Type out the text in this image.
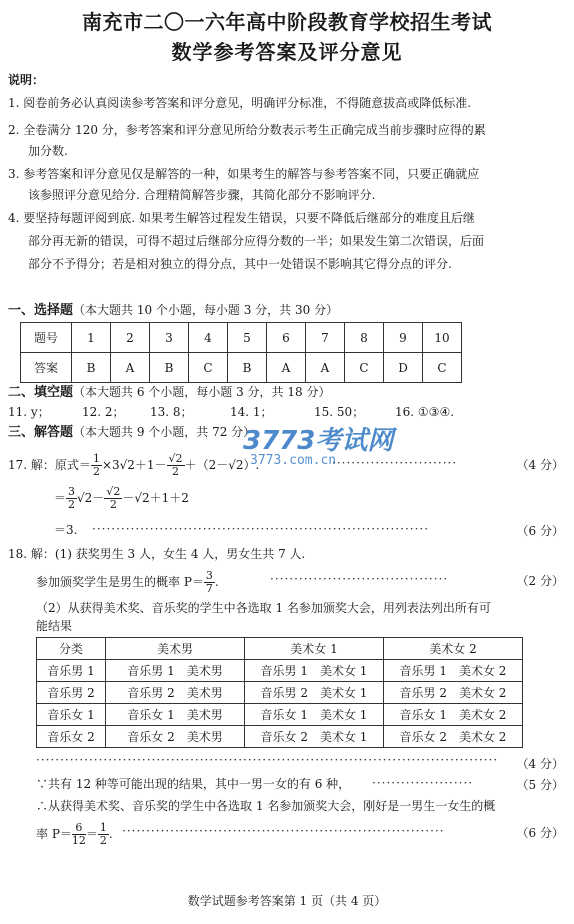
南充市二〇一六年高中阶段教育学校招生考试
数学参考答案及评分意见
说明：
1. 阅卷前务必认真阅读参考答案和评分意见，明确评分标准，不得随意拔高或降低标准.
2. 全卷满分 120 分，参考答案和评分意见所给分数表示考生正确完成当前步骤时应得的累
加分数.
3. 参考答案和评分意见仅是解答的一种，如果考生的解答与参考答案不同，只要正确就应
该参照评分意见给分. 合理精简解答步骤，其简化部分不影响评分.
4. 要坚持每题评阅到底. 如果考生解答过程发生错误，只要不降低后继部分的难度且后继
部分再无新的错误，可得不超过后继部分应得分数的一半；如果发生第二次错误，后面
部分不予得分；若是相对独立的得分点，其中一处错误不影响其它得分点的评分.
一、选择题（本大题共 10 个小题，每小题 3 分，共 30 分）
题号	1	2	3	4	5	6	7	8	9	10
答案	B	A	B	C	B	A	A	C	D	C
二、填空题（本大题共 6 个小题，每小题 3 分，共 18 分）
11. y；	12. 2； 13. 8；	14. 1；	15. 50；	16. ①③④.
三、解答题（本大题共 9 个小题，共 72 分）
3773考试网
3773.com.cn
17. 解：原式＝ $\frac{1}{2} \times 3√2+1- \frac{√2}{2} +(2-√2)$.	··························	（4 分）
＝ $\frac{3}{2} √2- \frac{√2}{2} -√2+1+2$
＝3. ······································································	（6 分）
18. 解：(1) 获奖男生 3 人，女生 4 人，男女生共 7 人.
参加颁奖学生是男生的概率 $P= \frac{3}{7}$ .	·····································	（2 分）
（2）从获得美术奖、音乐奖的学生中各选取 1 名参加颁奖大会，用列表法列出所有可
能结果
分类	美术男	美术女 1	美术女 2
音乐男 1	音乐男 1　美术男	音乐男 1　美术女 1	音乐男 1　美术女 2
音乐男 2	音乐男 2　美术男	音乐男 2　美术女 1	音乐男 2　美术女 2
音乐女 1	音乐女 1　美术男	音乐女 1　美术女 1	音乐女 1　美术女 2
音乐女 2	音乐女 2　美术男	音乐女 2　美术女 1	音乐女 2　美术女 2
································································································ （4 分）
∵共有 12 种等可能出现的结果，其中一男一女的有 6 种， ·····················	（5 分）
∴从获得美术奖、音乐奖的学生中各选取 1 名参加颁奖大会，刚好是一男生一女生的概
率 $P= \frac{6}{12} = \frac{1}{2}$ . ···································································	（6 分）
数学试题参考答案第 1 页（共 4 页）
